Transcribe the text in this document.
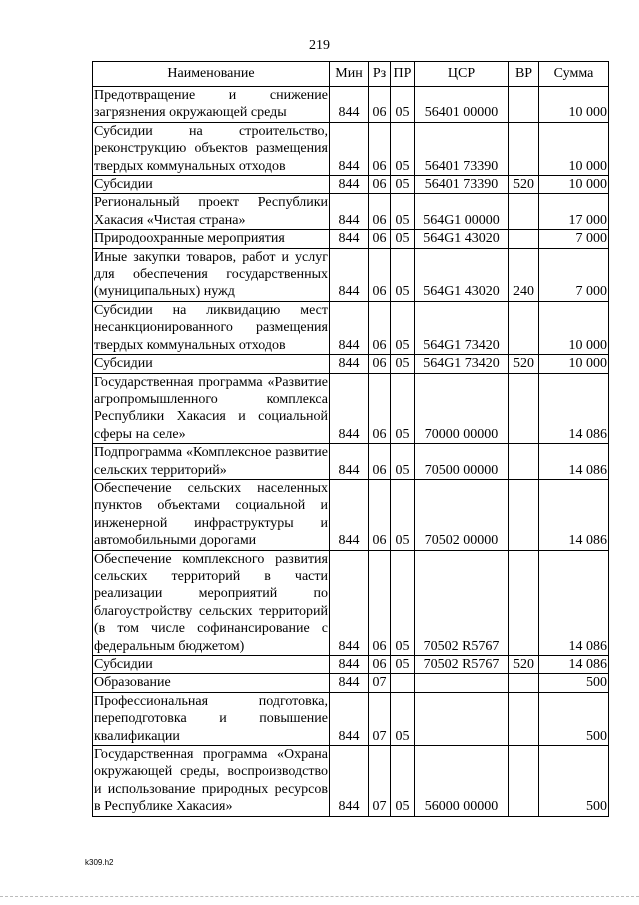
219
Наименование	Мин	Рз	ПР	ЦСР	ВР	Сумма
Предотвращение и снижение загрязнения окружающей среды	844	06	05	56401 00000		10 000
Субсидии на строительство, реконструкцию объектов размещения твердых коммунальных отходов	844	06	05	56401 73390		10 000
Субсидии	844	06	05	56401 73390	520	10 000
Региональный проект Республики Хакасия «Чистая страна»	844	06	05	564G1 00000		17 000
Природоохранные мероприятия	844	06	05	564G1 43020		7 000
Иные закупки товаров, работ и услуг для обеспечения государственных (муниципальных) нужд	844	06	05	564G1 43020	240	7 000
Субсидии на ликвидацию мест несанкционированного размещения твердых коммунальных отходов	844	06	05	564G1 73420		10 000
Субсидии	844	06	05	564G1 73420	520	10 000
Государственная программа «Развитие агропромышленного комплекса Республики Хакасия и социальной сферы на селе»	844	06	05	70000 00000		14 086
Подпрограмма «Комплексное развитие сельских территорий»	844	06	05	70500 00000		14 086
Обеспечение сельских населенных пунктов объектами социальной и инженерной инфраструктуры и автомобильными дорогами	844	06	05	70502 00000		14 086
Обеспечение комплексного развития сельских территорий в части реализации мероприятий по благоустройству сельских территорий (в том числе софинансирование с федеральным бюджетом)	844	06	05	70502 R5767		14 086
Субсидии	844	06	05	70502 R5767	520	14 086
Образование	844	07				500
Профессиональная подготовка, переподготовка и повышение квалификации	844	07	05			500
Государственная программа «Охрана окружающей среды, воспроизводство и использование природных ресурсов в Республике Хакасия»	844	07	05	56000 00000		500
k309.h2
